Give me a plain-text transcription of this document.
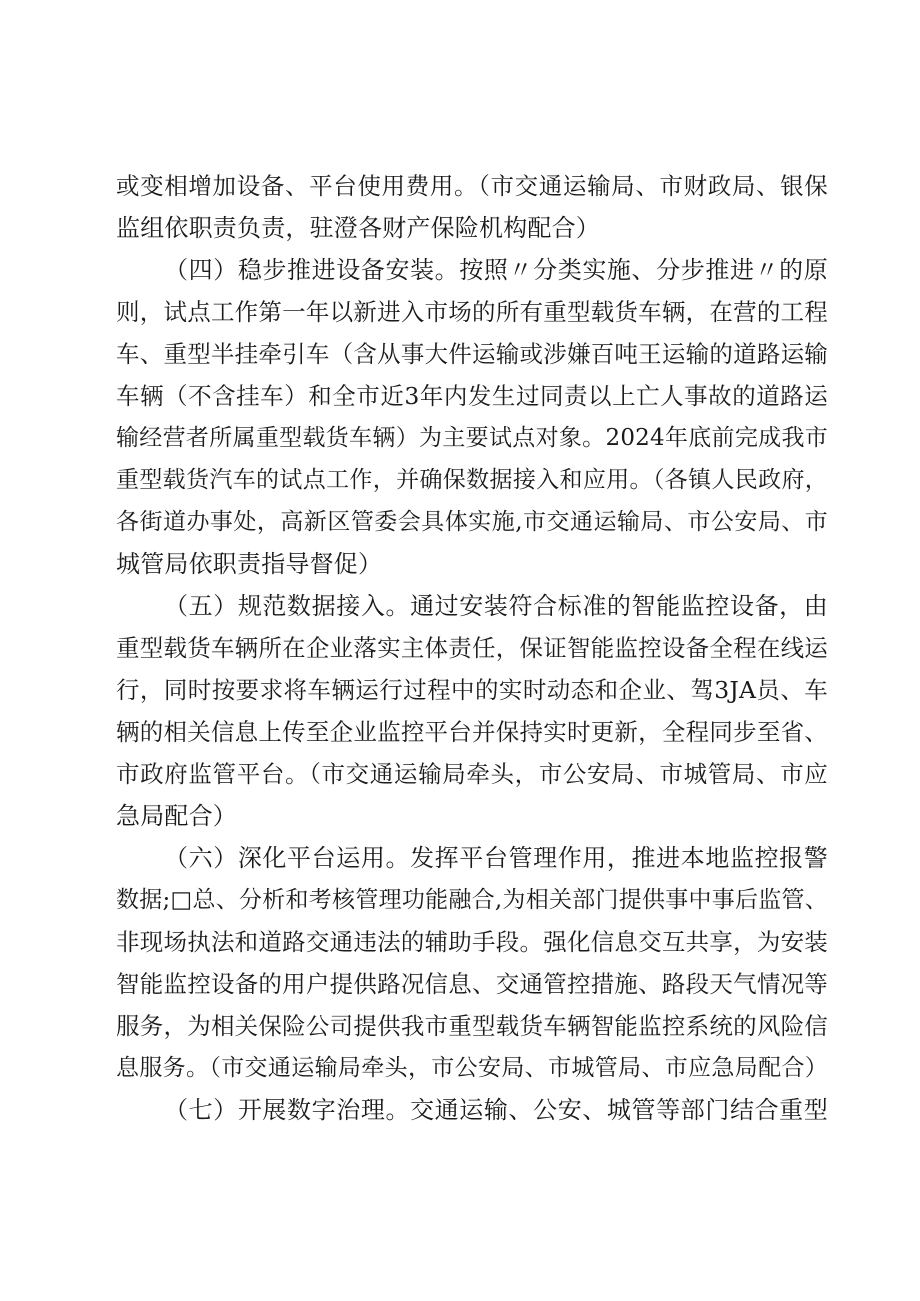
或变相增加设备、平台使用费用。（市交通运输局、市财政局、银保
监组依职责负责，驻澄各财产保险机构配合）
（四）稳步推进设备安装。按照〃分类实施、分步推进〃的原
则，试点工作第一年以新进入市场的所有重型载货车辆，在营的工程
车、重型半挂牵引车（含从事大件运输或涉嫌百吨王运输的道路运输
车辆（不含挂车）和全市近3年内发生过同责以上亡人事故的道路运
输经营者所属重型载货车辆）为主要试点对象。2024年底前完成我市
重型载货汽车的试点工作，并确保数据接入和应用。（各镇人民政府，
各街道办事处，高新区管委会具体实施,市交通运输局、市公安局、市
城管局依职责指导督促）
（五）规范数据接入。通过安装符合标准的智能监控设备，由
重型载货车辆所在企业落实主体责任，保证智能监控设备全程在线运
行，同时按要求将车辆运行过程中的实时动态和企业、驾3JA员、车
辆的相关信息上传至企业监控平台并保持实时更新，全程同步至省、
市政府监管平台。（市交通运输局牵头，市公安局、市城管局、市应
急局配合）
（六）深化平台运用。发挥平台管理作用，推进本地监控报警
数据;□总、分析和考核管理功能融合,为相关部门提供事中事后监管、
非现场执法和道路交通违法的辅助手段。强化信息交互共享，为安装
智能监控设备的用户提供路况信息、交通管控措施、路段天气情况等
服务，为相关保险公司提供我市重型载货车辆智能监控系统的风险信
息服务。（市交通运输局牵头，市公安局、市城管局、市应急局配合）
（七）开展数字治理。交通运输、公安、城管等部门结合重型
